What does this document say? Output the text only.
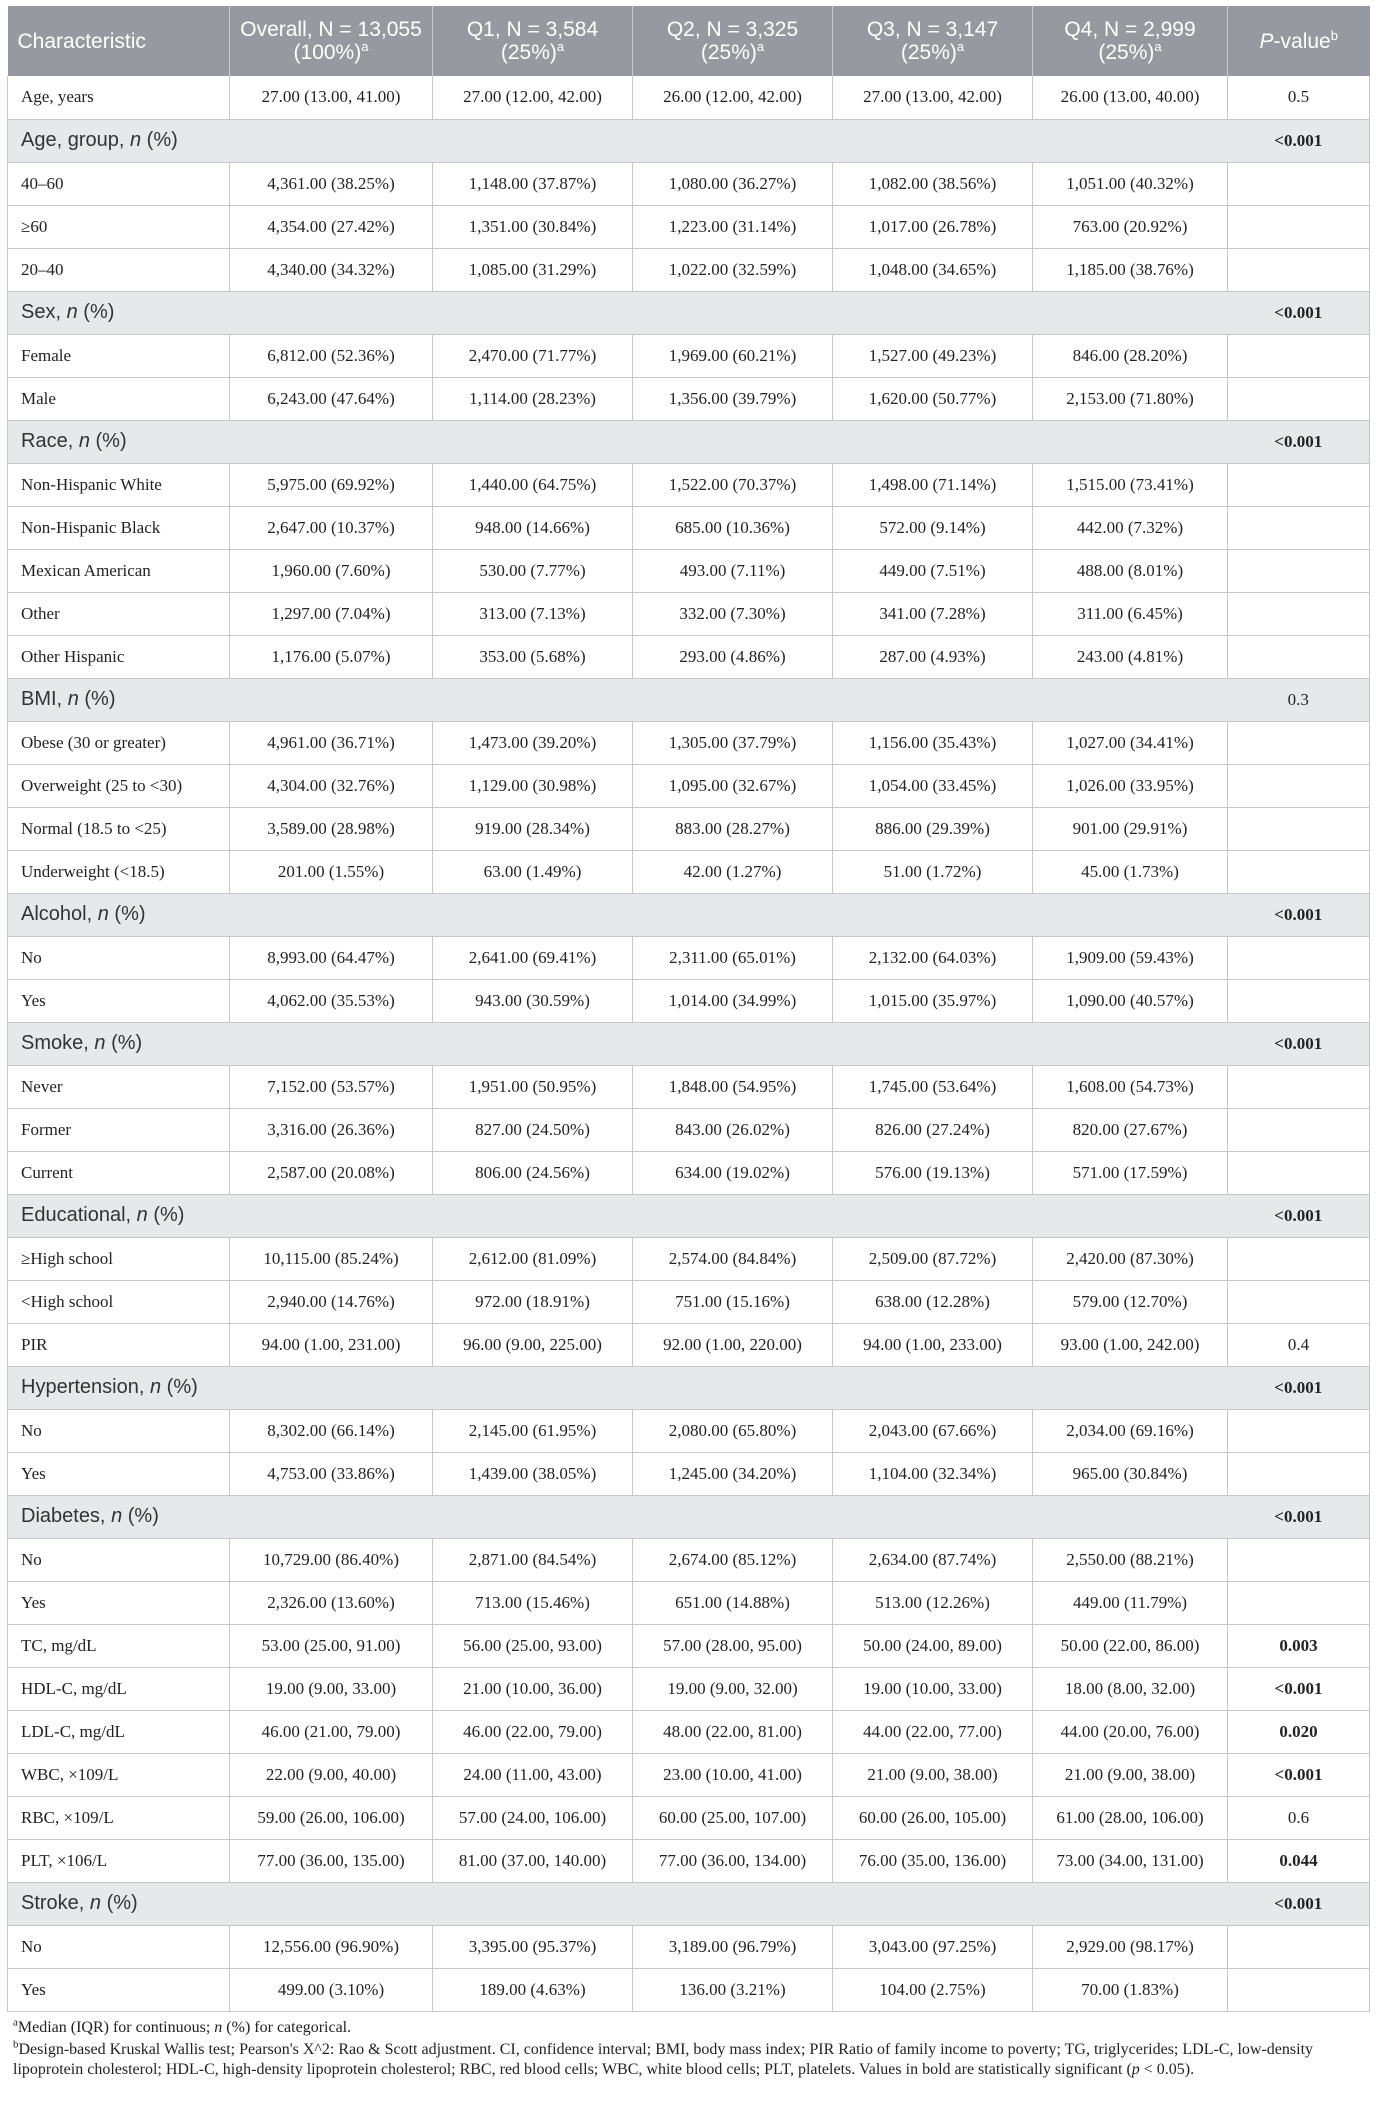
Characteristic	Overall, N = 13,055 $(100\%)^a$	Q1, N = 3,584 $(25\%)^a$	Q2, N = 3,325 $(25\%)^a$	Q3, N = 3,147 $(25\%)^a$	Q4, N = 2,999 $(25\%)^a$	P-value$^b$
Age, years	27.00 (13.00, 41.00)	27.00 (12.00, 42.00)	26.00 (12.00, 42.00)	27.00 (13.00, 42.00)	26.00 (13.00, 40.00)	0.5
Age, group, n (%)						<0.001
40–60	4,361.00 (38.25%)	1,148.00 (37.87%)	1,080.00 (36.27%)	1,082.00 (38.56%)	1,051.00 (40.32%)	
≥60	4,354.00 (27.42%)	1,351.00 (30.84%)	1,223.00 (31.14%)	1,017.00 (26.78%)	763.00 (20.92%)	
20–40	4,340.00 (34.32%)	1,085.00 (31.29%)	1,022.00 (32.59%)	1,048.00 (34.65%)	1,185.00 (38.76%)	
Sex, n (%)						<0.001
Female	6,812.00 (52.36%)	2,470.00 (71.77%)	1,969.00 (60.21%)	1,527.00 (49.23%)	846.00 (28.20%)	
Male	6,243.00 (47.64%)	1,114.00 (28.23%)	1,356.00 (39.79%)	1,620.00 (50.77%)	2,153.00 (71.80%)	
Race, n (%)						<0.001
Non-Hispanic White	5,975.00 (69.92%)	1,440.00 (64.75%)	1,522.00 (70.37%)	1,498.00 (71.14%)	1,515.00 (73.41%)	
Non-Hispanic Black	2,647.00 (10.37%)	948.00 (14.66%)	685.00 (10.36%)	572.00 (9.14%)	442.00 (7.32%)	
Mexican American	1,960.00 (7.60%)	530.00 (7.77%)	493.00 (7.11%)	449.00 (7.51%)	488.00 (8.01%)	
Other	1,297.00 (7.04%)	313.00 (7.13%)	332.00 (7.30%)	341.00 (7.28%)	311.00 (6.45%)	
Other Hispanic	1,176.00 (5.07%)	353.00 (5.68%)	293.00 (4.86%)	287.00 (4.93%)	243.00 (4.81%)	
BMI, n (%)						0.3
Obese (30 or greater)	4,961.00 (36.71%)	1,473.00 (39.20%)	1,305.00 (37.79%)	1,156.00 (35.43%)	1,027.00 (34.41%)	
Overweight (25 to <30)	4,304.00 (32.76%)	1,129.00 (30.98%)	1,095.00 (32.67%)	1,054.00 (33.45%)	1,026.00 (33.95%)	
Normal (18.5 to <25)	3,589.00 (28.98%)	919.00 (28.34%)	883.00 (28.27%)	886.00 (29.39%)	901.00 (29.91%)	
Underweight (<18.5)	201.00 (1.55%)	63.00 (1.49%)	42.00 (1.27%)	51.00 (1.72%)	45.00 (1.73%)	
Alcohol, n (%)						<0.001
No	8,993.00 (64.47%)	2,641.00 (69.41%)	2,311.00 (65.01%)	2,132.00 (64.03%)	1,909.00 (59.43%)	
Yes	4,062.00 (35.53%)	943.00 (30.59%)	1,014.00 (34.99%)	1,015.00 (35.97%)	1,090.00 (40.57%)	
Smoke, n (%)						<0.001
Never	7,152.00 (53.57%)	1,951.00 (50.95%)	1,848.00 (54.95%)	1,745.00 (53.64%)	1,608.00 (54.73%)	
Former	3,316.00 (26.36%)	827.00 (24.50%)	843.00 (26.02%)	826.00 (27.24%)	820.00 (27.67%)	
Current	2,587.00 (20.08%)	806.00 (24.56%)	634.00 (19.02%)	576.00 (19.13%)	571.00 (17.59%)	
Educational, n (%)						<0.001
≥High school	10,115.00 (85.24%)	2,612.00 (81.09%)	2,574.00 (84.84%)	2,509.00 (87.72%)	2,420.00 (87.30%)	
<High school	2,940.00 (14.76%)	972.00 (18.91%)	751.00 (15.16%)	638.00 (12.28%)	579.00 (12.70%)	
PIR	94.00 (1.00, 231.00)	96.00 (9.00, 225.00)	92.00 (1.00, 220.00)	94.00 (1.00, 233.00)	93.00 (1.00, 242.00)	0.4
Hypertension, n (%)						<0.001
No	8,302.00 (66.14%)	2,145.00 (61.95%)	2,080.00 (65.80%)	2,043.00 (67.66%)	2,034.00 (69.16%)	
Yes	4,753.00 (33.86%)	1,439.00 (38.05%)	1,245.00 (34.20%)	1,104.00 (32.34%)	965.00 (30.84%)	
Diabetes, n (%)						<0.001
No	10,729.00 (86.40%)	2,871.00 (84.54%)	2,674.00 (85.12%)	2,634.00 (87.74%)	2,550.00 (88.21%)	
Yes	2,326.00 (13.60%)	713.00 (15.46%)	651.00 (14.88%)	513.00 (12.26%)	449.00 (11.79%)	
TC, mg/dL	53.00 (25.00, 91.00)	56.00 (25.00, 93.00)	57.00 (28.00, 95.00)	50.00 (24.00, 89.00)	50.00 (22.00, 86.00)	0.003
HDL-C, mg/dL	19.00 (9.00, 33.00)	21.00 (10.00, 36.00)	19.00 (9.00, 32.00)	19.00 (10.00, 33.00)	18.00 (8.00, 32.00)	<0.001
LDL-C, mg/dL	46.00 (21.00, 79.00)	46.00 (22.00, 79.00)	48.00 (22.00, 81.00)	44.00 (22.00, 77.00)	44.00 (20.00, 76.00)	0.020
WBC, ×109/L	22.00 (9.00, 40.00)	24.00 (11.00, 43.00)	23.00 (10.00, 41.00)	21.00 (9.00, 38.00)	21.00 (9.00, 38.00)	<0.001
RBC, ×109/L	59.00 (26.00, 106.00)	57.00 (24.00, 106.00)	60.00 (25.00, 107.00)	60.00 (26.00, 105.00)	61.00 (28.00, 106.00)	0.6
PLT, ×106/L	77.00 (36.00, 135.00)	81.00 (37.00, 140.00)	77.00 (36.00, 134.00)	76.00 (35.00, 136.00)	73.00 (34.00, 131.00)	0.044
Stroke, n (%)						<0.001
No	12,556.00 (96.90%)	3,395.00 (95.37%)	3,189.00 (96.79%)	3,043.00 (97.25%)	2,929.00 (98.17%)	
Yes	499.00 (3.10%)	189.00 (4.63%)	136.00 (3.21%)	104.00 (2.75%)	70.00 (1.83%)	

$^a$Median (IQR) for continuous; n (%) for categorical.

$^b$Design-based Kruskal Wallis test; Pearson's X^2: Rao & Scott adjustment. CI, confidence interval; BMI, body mass index; PIR Ratio of family income to poverty; TG, triglycerides; LDL-C, low-density lipoprotein cholesterol; HDL-C, high-density lipoprotein cholesterol; RBC, red blood cells; WBC, white blood cells; PLT, platelets. Values in bold are statistically significant (p < 0.05).
